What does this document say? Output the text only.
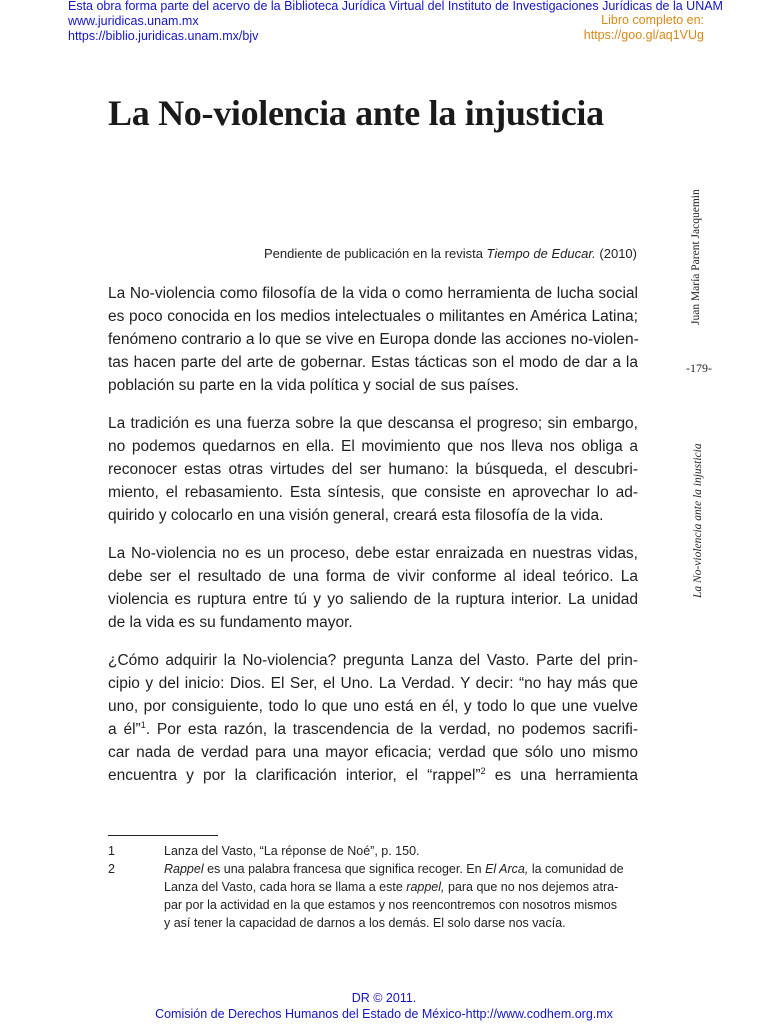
Esta obra forma parte del acervo de la Biblioteca Jurídica Virtual del Instituto de Investigaciones Jurídicas de la UNAM
www.juridicas.unam.mx
https://biblio.juridicas.unam.mx/bjv
Libro completo en:
https://goo.gl/aq1VUg
La No-violencia ante la injusticia
Juan María Parent Jacquemin
-179-
La No-violencia ante la injusticia
Pendiente de publicación en la revista Tiempo de Educar. (2010)

La No-violencia como filosofía de la vida o como herramienta de lucha social
es poco conocida en los medios intelectuales o militantes en América Latina;
fenómeno contrario a lo que se vive en Europa donde las acciones no-violen-
tas hacen parte del arte de gobernar. Estas tácticas son el modo de dar a la
población su parte en la vida política y social de sus países.

La tradición es una fuerza sobre la que descansa el progreso; sin embargo,
no podemos quedarnos en ella. El movimiento que nos lleva nos obliga a
reconocer estas otras virtudes del ser humano: la búsqueda, el descubri-
miento, el rebasamiento. Esta síntesis, que consiste en aprovechar lo ad-
quirido y colocarlo en una visión general, creará esta filosofía de la vida.

La No-violencia no es un proceso, debe estar enraizada en nuestras vidas,
debe ser el resultado de una forma de vivir conforme al ideal teórico. La
violencia es ruptura entre tú y yo saliendo de la ruptura interior. La unidad
de la vida es su fundamento mayor.

¿Cómo adquirir la No-violencia? pregunta Lanza del Vasto. Parte del prin-
cipio y del inicio: Dios. El Ser, el Uno. La Verdad. Y decir: “no hay más que
uno, por consiguiente, todo lo que uno está en él, y todo lo que une vuelve
a él”$^1$. Por esta razón, la trascendencia de la verdad, no podemos sacrifi-
car nada de verdad para una mayor eficacia; verdad que sólo uno mismo
encuentra y por la clarificación interior, el “rappel”$^2$ es una herramienta

1	Lanza del Vasto, “La réponse de Noé”, p. 150.
2	Rappel es una palabra francesa que significa recoger. En El Arca, la comunidad de
Lanza del Vasto, cada hora se llama a este rappel, para que no nos dejemos atra-
par por la actividad en la que estamos y nos reencontremos con nosotros mismos
y así tener la capacidad de darnos a los demás. El solo darse nos vacía.
DR © 2011.
Comisión de Derechos Humanos del Estado de México-http://www.codhem.org.mx
